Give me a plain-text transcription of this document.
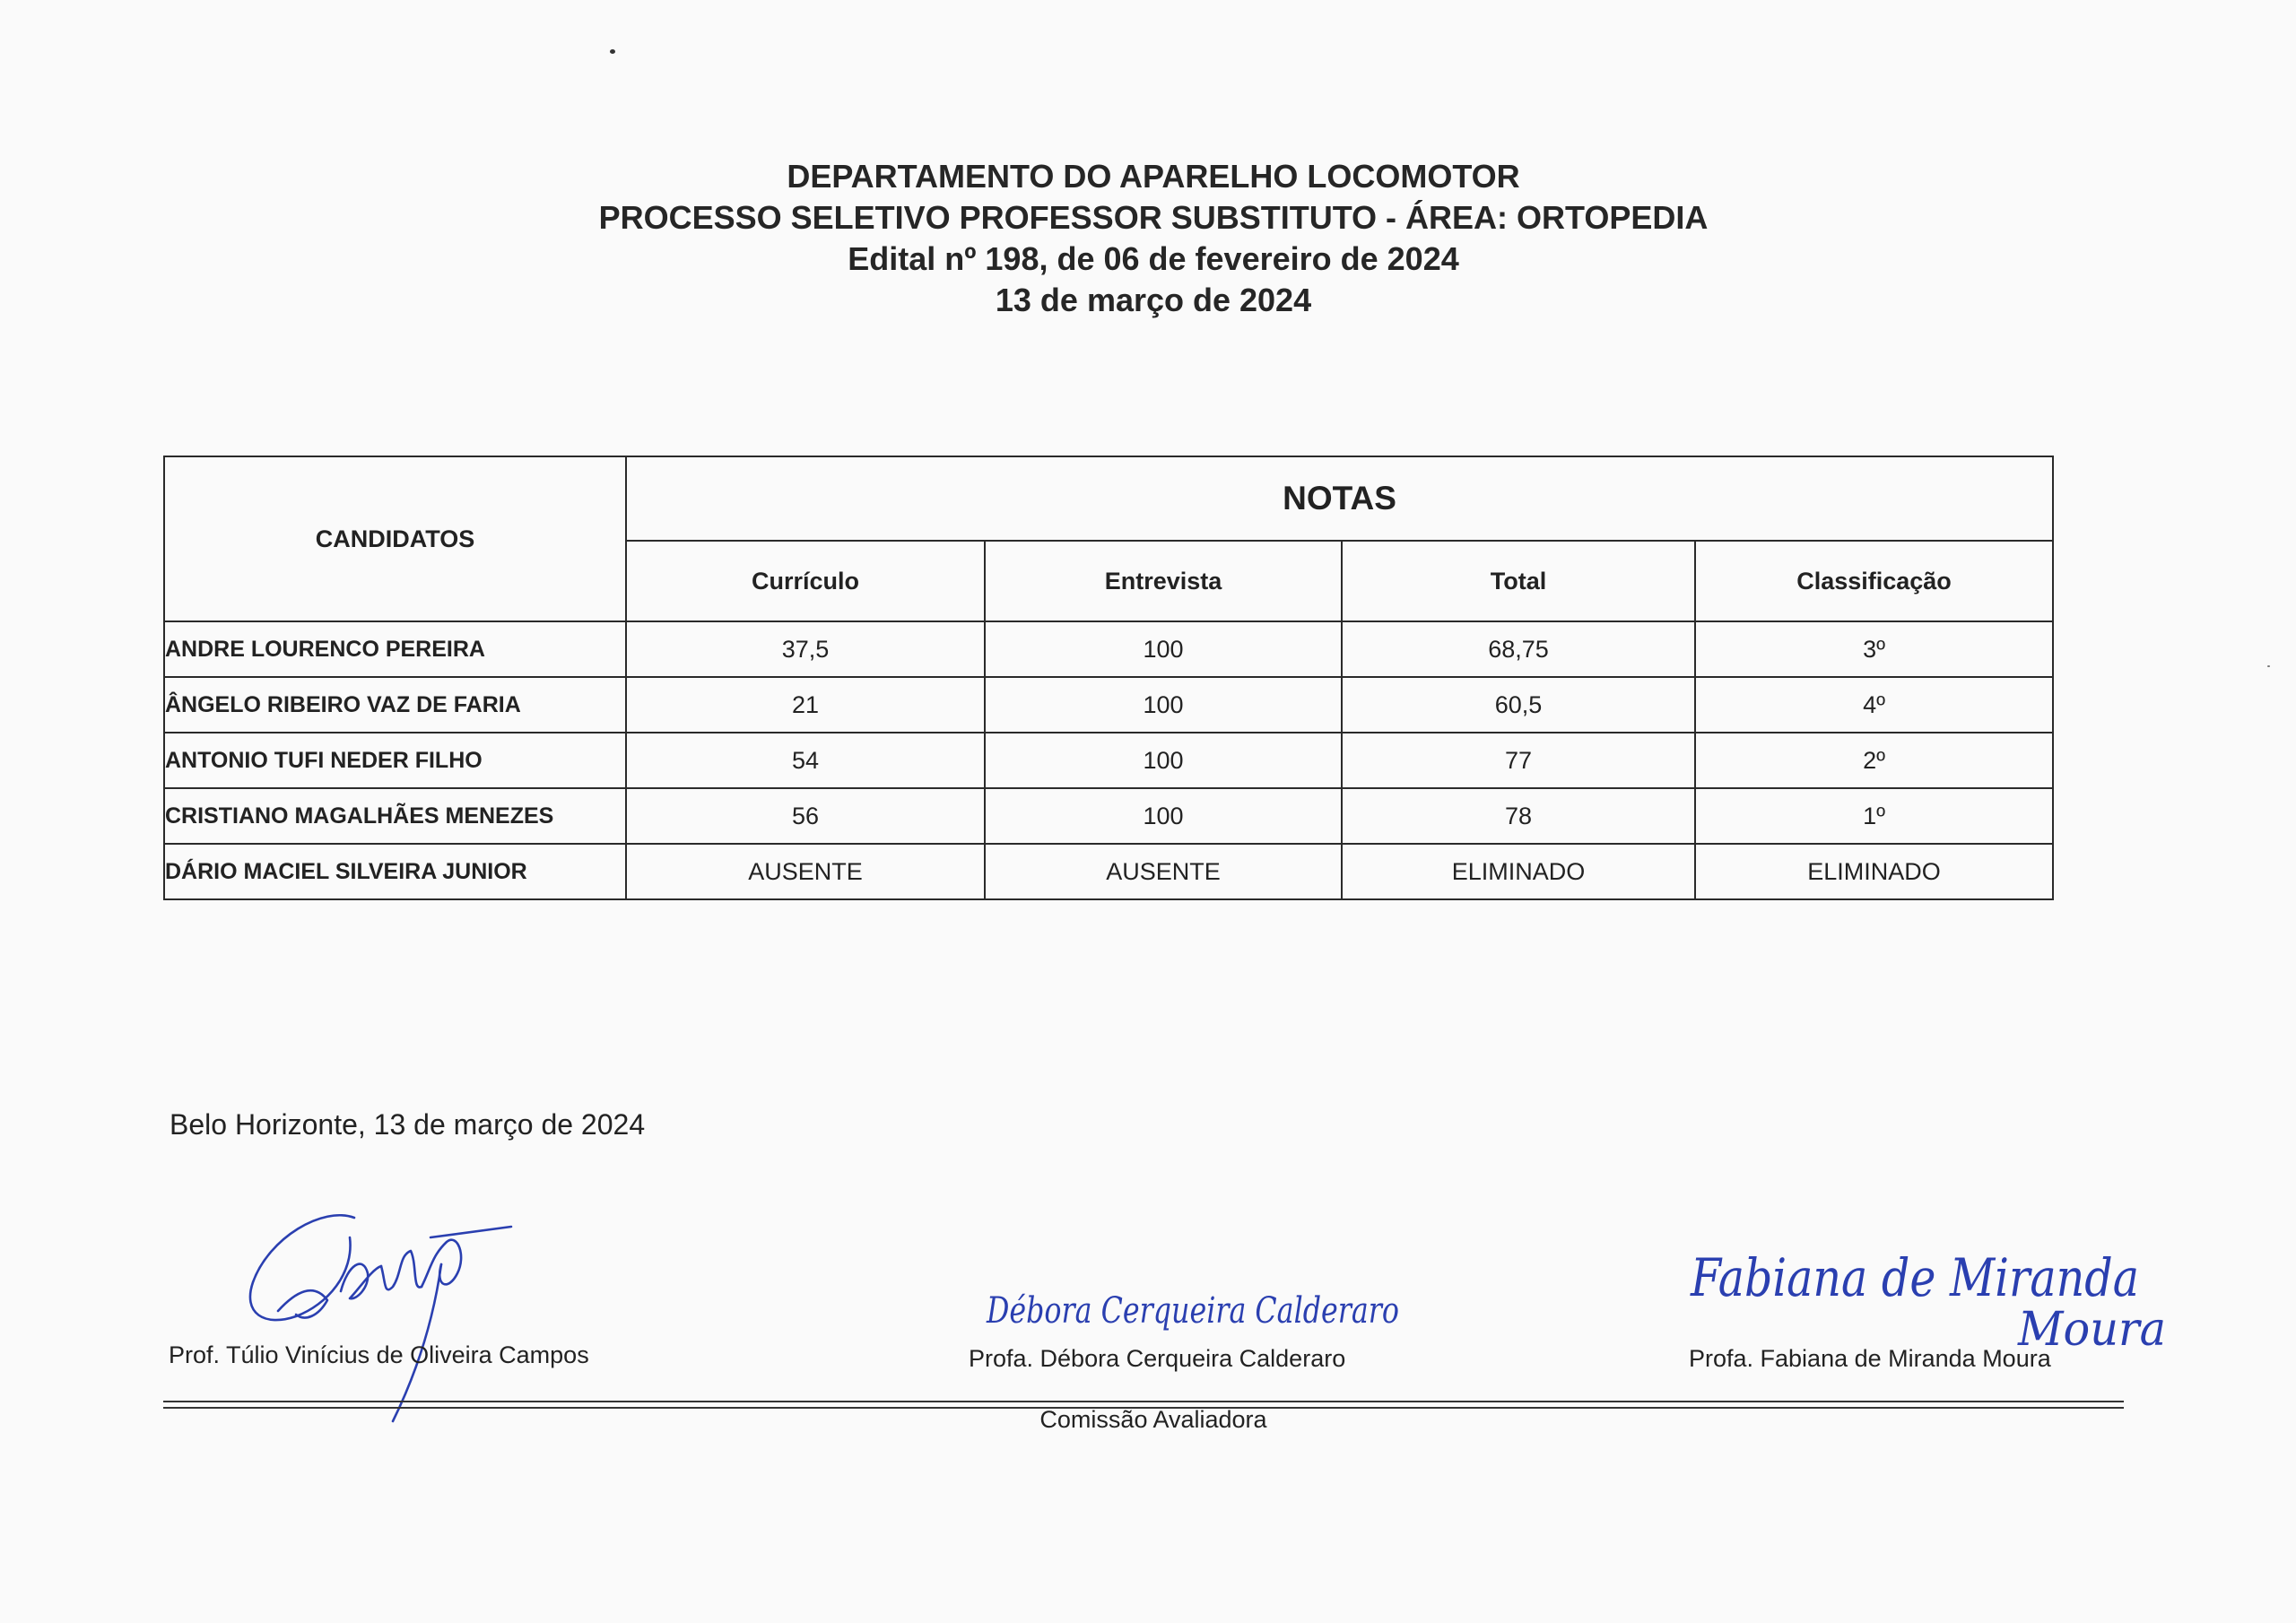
DEPARTAMENTO DO APARELHO LOCOMOTOR
PROCESSO SELETIVO PROFESSOR SUBSTITUTO - ÁREA: ORTOPEDIA
Edital nº 198, de 06 de fevereiro de 2024
13 de março de 2024
CANDIDATOS	NOTAS			
	Currículo	Entrevista	Total	Classificação
ANDRE LOURENCO PEREIRA	37,5	100	68,75	3º
ÂNGELO RIBEIRO VAZ DE FARIA	21	100	60,5	4º
ANTONIO TUFI NEDER FILHO	54	100	77	2º
CRISTIANO MAGALHÃES MENEZES	56	100	78	1º
DÁRIO MACIEL SILVEIRA JUNIOR	AUSENTE	AUSENTE	ELIMINADO	ELIMINADO
Belo Horizonte, 13 de março de 2024
Prof. Túlio Vinícius de Oliveira Campos
Débora Cerqueira Calderaro
Profa. Débora Cerqueira Calderaro
Fabiana de Miranda
Moura
Profa. Fabiana de Miranda Moura
Comissão Avaliadora
